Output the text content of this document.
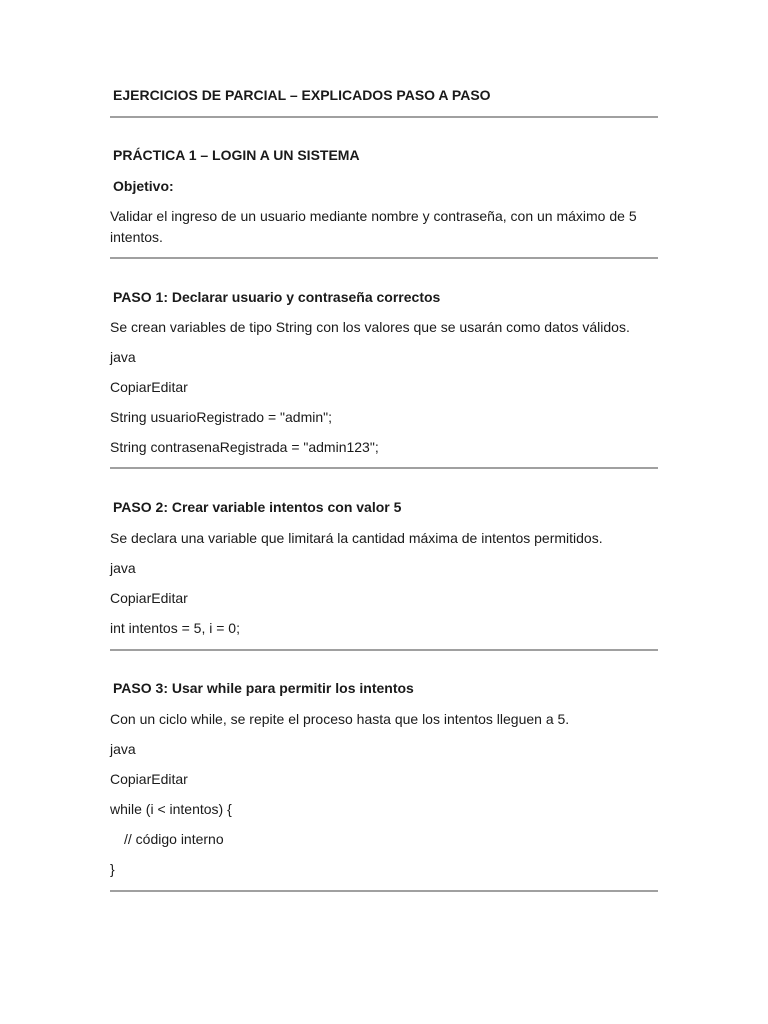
EJERCICIOS DE PARCIAL – EXPLICADOS PASO A PASO
PRÁCTICA 1 – LOGIN A UN SISTEMA
Objetivo:
Validar el ingreso de un usuario mediante nombre y contraseña, con un máximo de 5 intentos.
PASO 1: Declarar usuario y contraseña correctos
Se crean variables de tipo String con los valores que se usarán como datos válidos.
java
CopiarEditar
String usuarioRegistrado = "admin";
String contrasenaRegistrada = "admin123";
PASO 2: Crear variable intentos con valor 5
Se declara una variable que limitará la cantidad máxima de intentos permitidos.
java
CopiarEditar
int intentos = 5, i = 0;
PASO 3: Usar while para permitir los intentos
Con un ciclo while, se repite el proceso hasta que los intentos lleguen a 5.
java
CopiarEditar
while (i < intentos) {
// código interno
}
